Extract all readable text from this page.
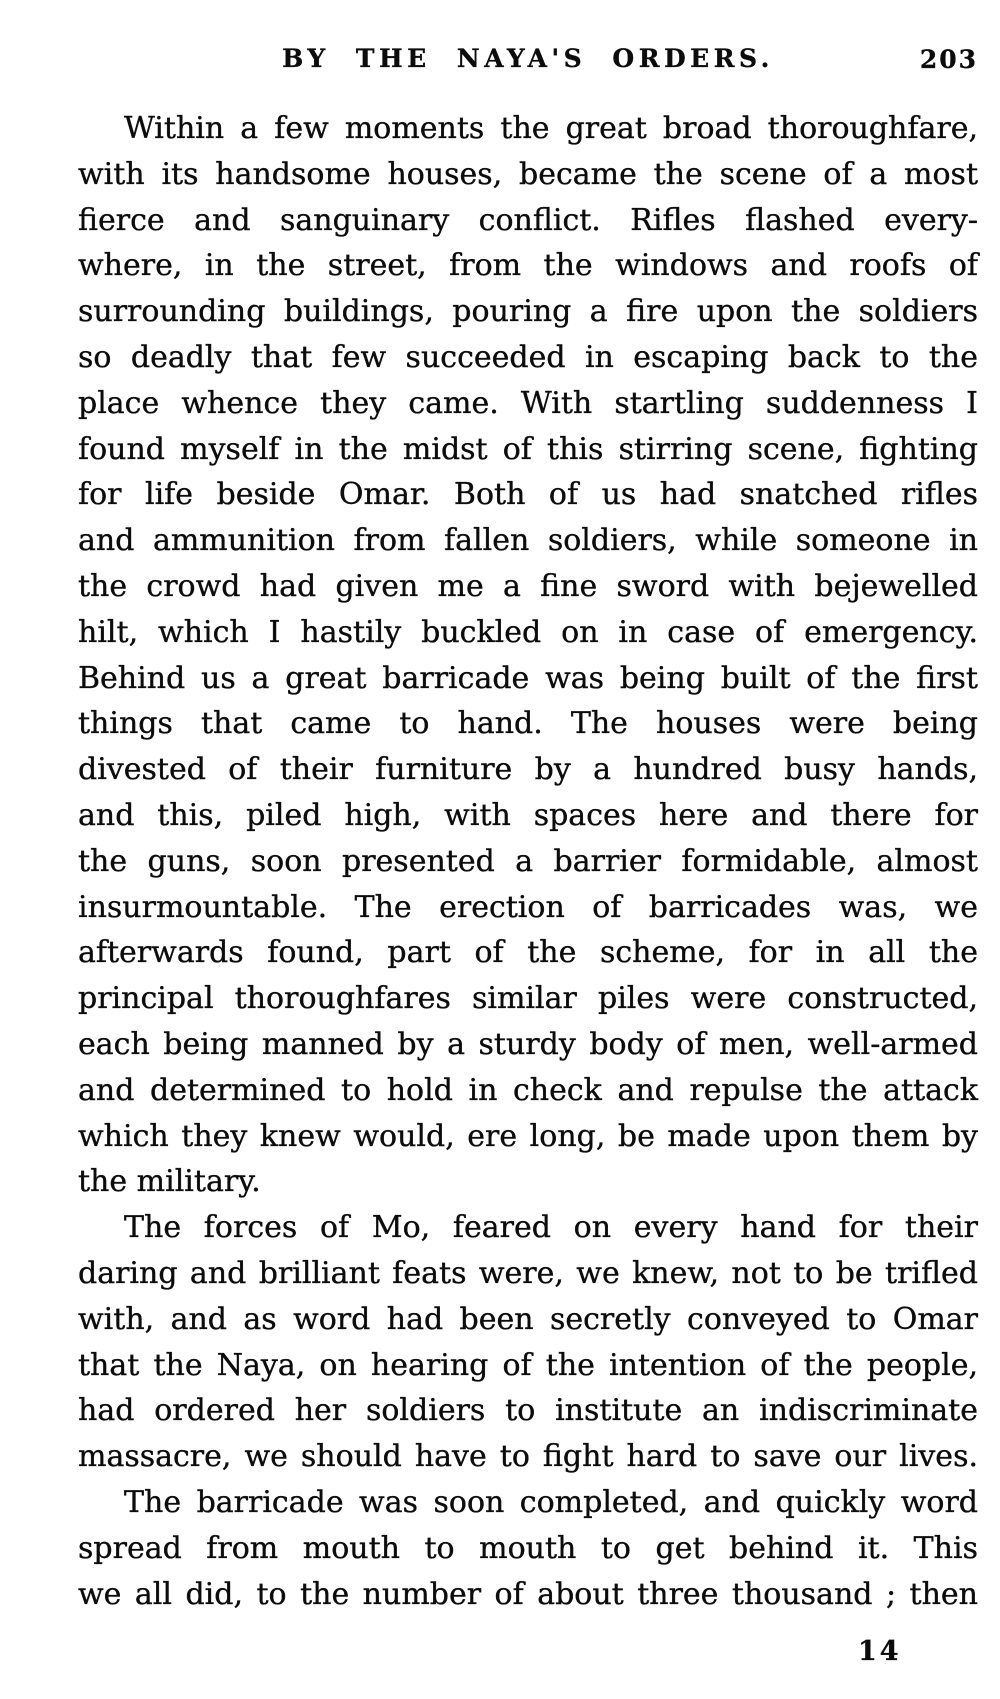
BY THE NAYA'S ORDERS.	203
Within a few moments the great broad thoroughfare,
with its handsome houses, became the scene of a most
fierce and sanguinary conflict. Rifles flashed every-
where, in the street, from the windows and roofs of
surrounding buildings, pouring a fire upon the soldiers
so deadly that few succeeded in escaping back to the
place whence they came. With startling suddenness I
found myself in the midst of this stirring scene, fighting
for life beside Omar. Both of us had snatched rifles
and ammunition from fallen soldiers, while someone in
the crowd had given me a fine sword with bejewelled
hilt, which I hastily buckled on in case of emergency.
Behind us a great barricade was being built of the first
things that came to hand. The houses were being
divested of their furniture by a hundred busy hands,
and this, piled high, with spaces here and there for
the guns, soon presented a barrier formidable, almost
insurmountable. The erection of barricades was, we
afterwards found, part of the scheme, for in all the
principal thoroughfares similar piles were constructed,
each being manned by a sturdy body of men, well-armed
and determined to hold in check and repulse the attack
which they knew would, ere long, be made upon them by
the military.
The forces of Mo, feared on every hand for their
daring and brilliant feats were, we knew, not to be trifled
with, and as word had been secretly conveyed to Omar
that the Naya, on hearing of the intention of the people,
had ordered her soldiers to institute an indiscriminate
massacre, we should have to fight hard to save our lives.
The barricade was soon completed, and quickly word
spread from mouth to mouth to get behind it. This
we all did, to the number of about three thousand ; then
14
